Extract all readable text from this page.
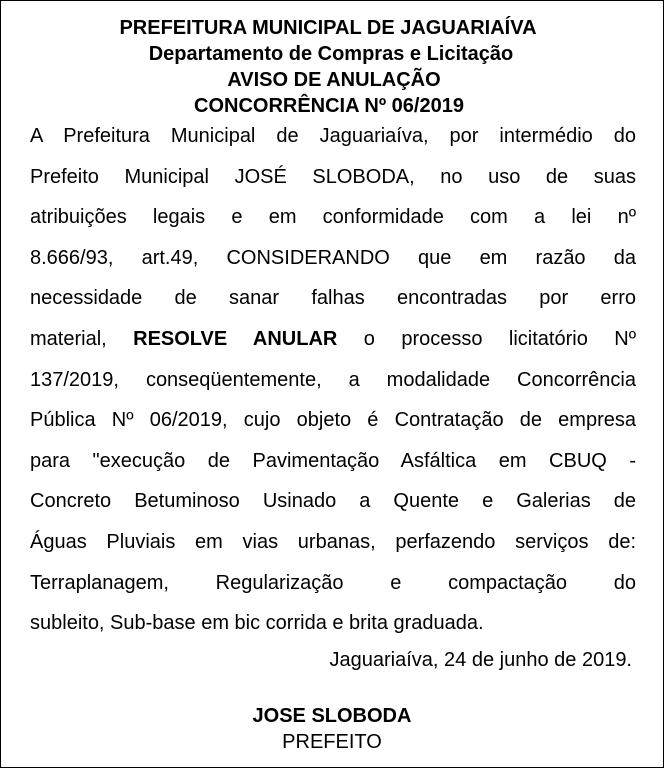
PREFEITURA MUNICIPAL DE JAGUARIAÍVA
Departamento de Compras e Licitação
AVISO DE ANULAÇÃO
CONCORRÊNCIA Nº 06/2019
A Prefeitura Municipal de Jaguariaíva, por intermédio do
Prefeito Municipal JOSÉ SLOBODA, no uso de suas
atribuições legais e em conformidade com a lei nº
8.666/93, art.49, CONSIDERANDO que em razão da
necessidade de sanar falhas encontradas por erro
material, RESOLVE ANULAR o processo licitatório Nº
137/2019, conseqüentemente, a modalidade Concorrência
Pública Nº 06/2019, cujo objeto é Contratação de empresa
para "execução de Pavimentação Asfáltica em CBUQ -
Concreto Betuminoso Usinado a Quente e Galerias de
Águas Pluviais em vias urbanas, perfazendo serviços de:
Terraplanagem, Regularização e compactação do
subleito, Sub-base em bic corrida e brita graduada.
Jaguariaíva, 24 de junho de 2019.
JOSE SLOBODA
PREFEITO
